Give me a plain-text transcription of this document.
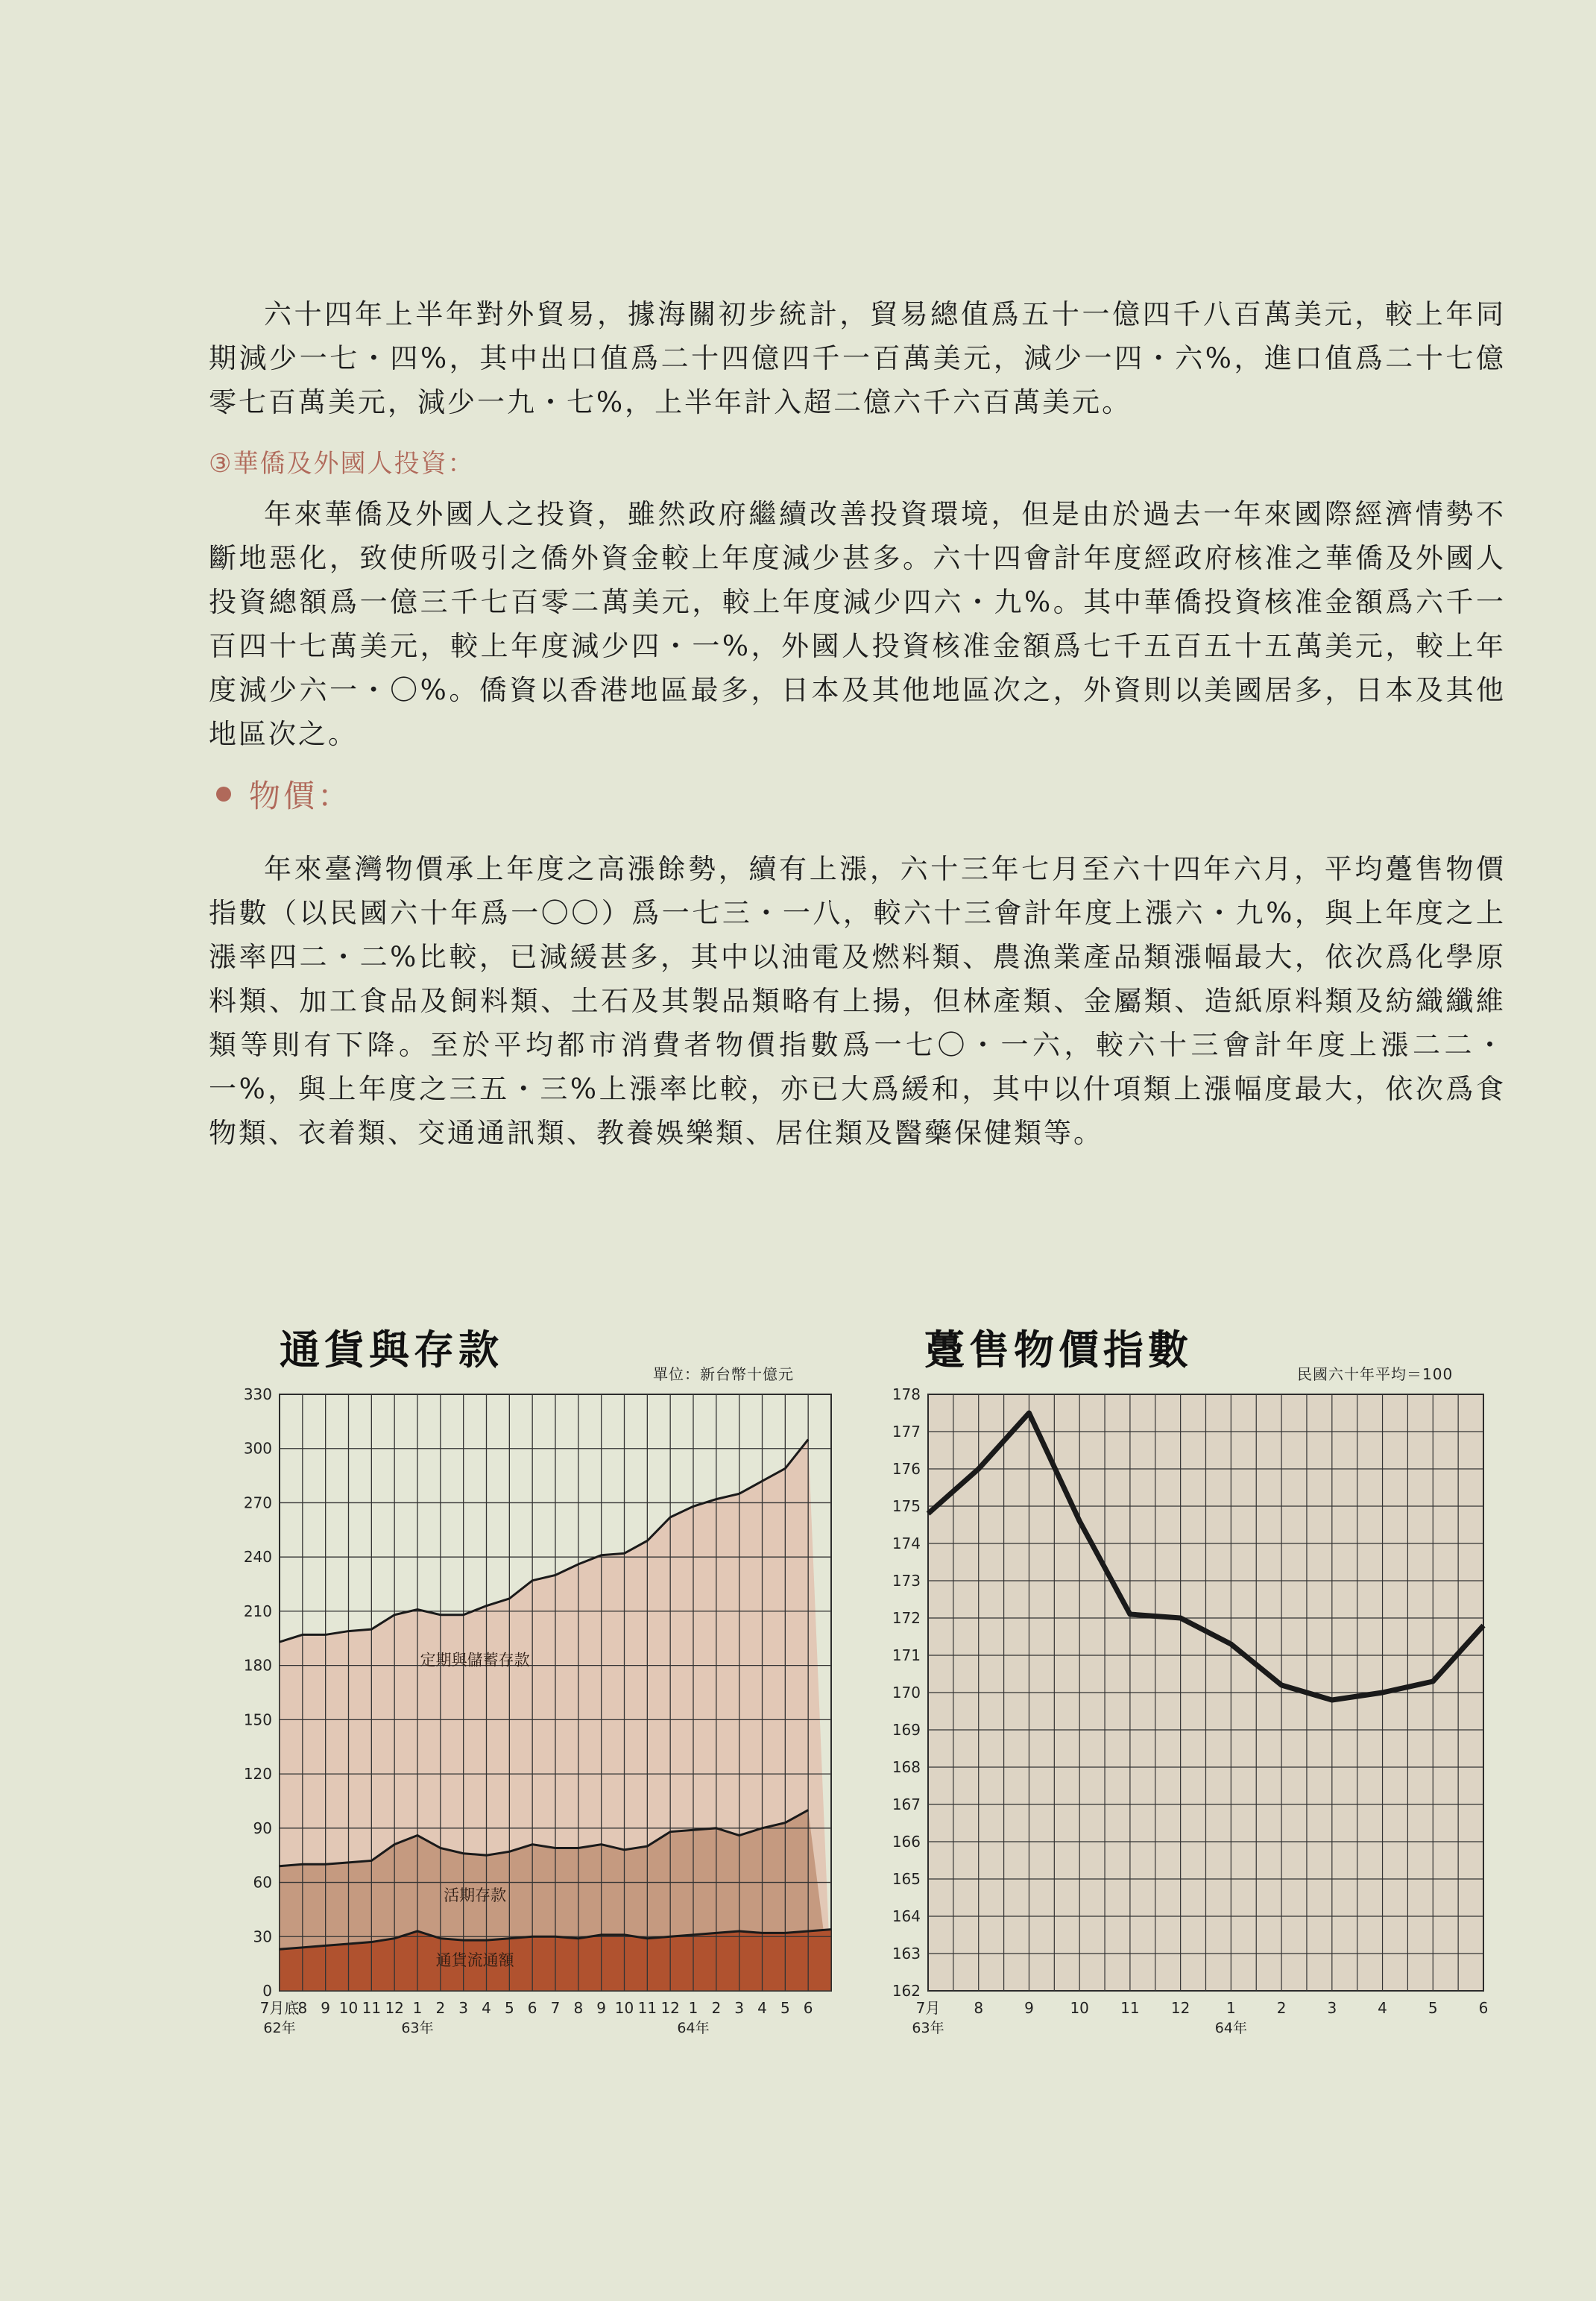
六十四年上半年對外貿易，據海關初步統計，貿易總值爲五十一億四千八百萬美元，較上年同期減少一七・四%，其中出口值爲二十四億四千一百萬美元，減少一四・六%，進口值爲二十七億零七百萬美元，減少一九・七%，上半年計入超二億六千六百萬美元。

③華僑及外國人投資：

年來華僑及外國人之投資，雖然政府繼續改善投資環境，但是由於過去一年來國際經濟情勢不斷地惡化，致使所吸引之僑外資金較上年度減少甚多。六十四會計年度經政府核准之華僑及外國人投資總額爲一億三千七百零二萬美元，較上年度減少四六・九%。其中華僑投資核准金額爲六千一百四十七萬美元，較上年度減少四・一%，外國人投資核准金額爲七千五百五十五萬美元，較上年度減少六一・〇%。僑資以香港地區最多，日本及其他地區次之，外資則以美國居多，日本及其他地區次之。

物價：

年來臺灣物價承上年度之高漲餘勢，續有上漲，六十三年七月至六十四年六月，平均躉售物價指數（以民國六十年爲一〇〇）爲一七三・一八，較六十三會計年度上漲六・九%，與上年度之上漲率四二・二%比較，已減緩甚多，其中以油電及燃料類、農漁業產品類漲幅最大，依次爲化學原料類、加工食品及飼料類、土石及其製品類略有上揚，但林產類、金屬類、造紙原料類及紡織纖維類等則有下降。至於平均都市消費者物價指數爲一七〇・一六，較六十三會計年度上漲二二・一%，與上年度之三五・三%上漲率比較，亦已大爲緩和，其中以什項類上漲幅度最大，依次爲食物類、衣着類、交通通訊類、教養娛樂類、居住類及醫藥保健類等。

通貨與存款
單位：新台幣十億元
0
30
60
90
120
150
180
210
240
270
300
330
通貨流通額
活期存款
定期與儲蓄存款
7月底
8 9 10 11 12 1 2 3 4 5 6 7 8 9 10 11 12 1 2 3 4 5 6
62年	63年	64年
躉售物價指數
民國六十年平均＝100
162
163
164
165
166
167
168
169
170
171
172
173
174
175
176
177
178
7月 8	9 10 11 12 1	2	3	4	5	6
63年	64年
